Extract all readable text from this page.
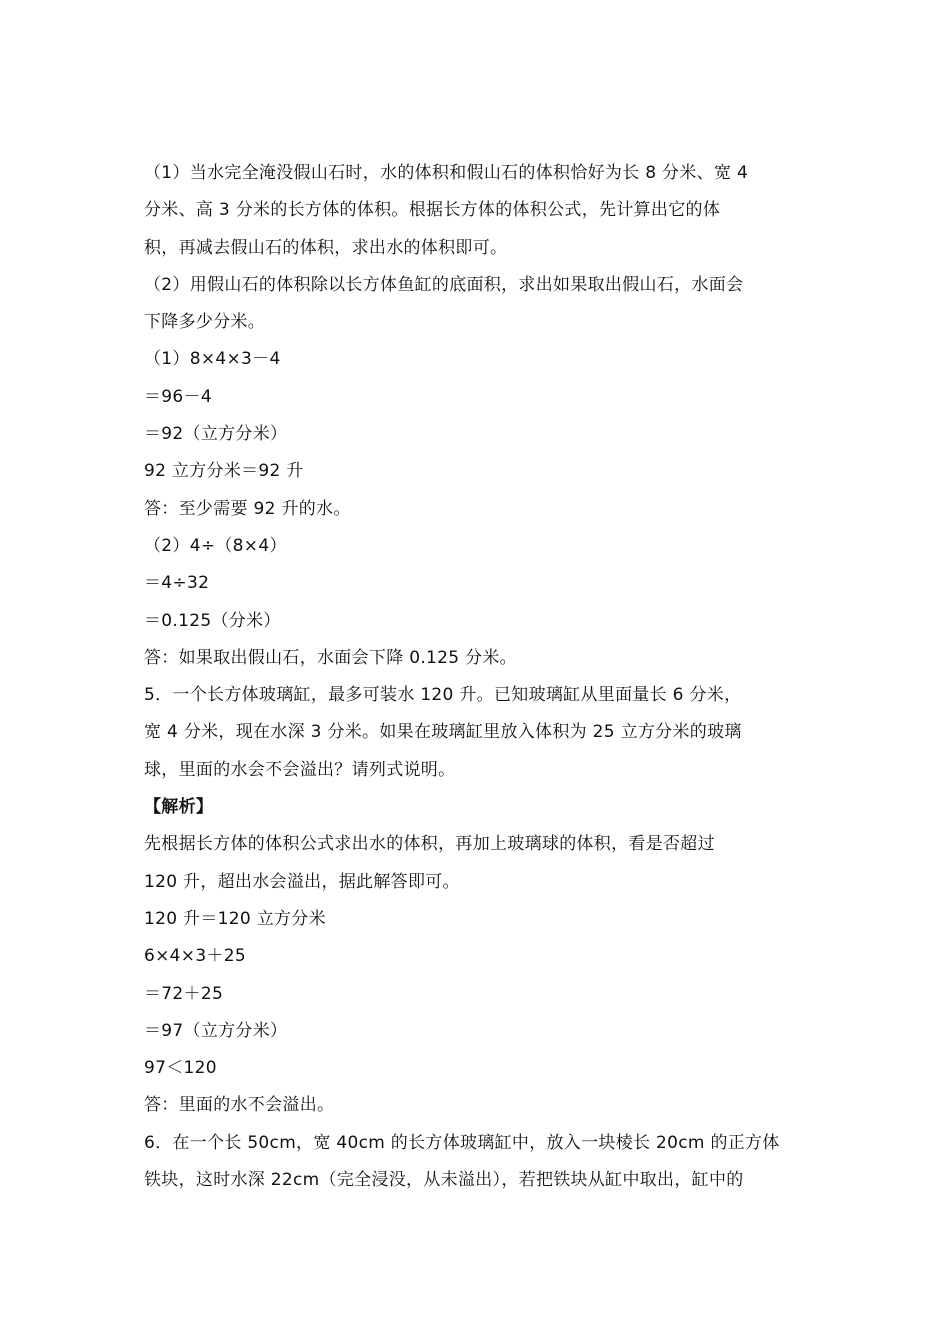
（1）当水完全淹没假山石时，水的体积和假山石的体积恰好为长 8 分米、宽 4
分米、高 3 分米的长方体的体积。根据长方体的体积公式，先计算出它的体
积，再减去假山石的体积，求出水的体积即可。
（2）用假山石的体积除以长方体鱼缸的底面积，求出如果取出假山石，水面会
下降多少分米。
（1）8×4×3－4
＝96－4
＝92（立方分米）
92 立方分米＝92 升
答：至少需要 92 升的水。
（2）4÷（8×4）
＝4÷32
＝0.125（分米）
答：如果取出假山石，水面会下降 0.125 分米。
5．一个长方体玻璃缸，最多可装水 120 升。已知玻璃缸从里面量长 6 分米，
宽 4 分米，现在水深 3 分米。如果在玻璃缸里放入体积为 25 立方分米的玻璃
球，里面的水会不会溢出？请列式说明。
【解析】
先根据长方体的体积公式求出水的体积，再加上玻璃球的体积，看是否超过
120 升，超出水会溢出，据此解答即可。
120 升＝120 立方分米
6×4×3＋25
＝72＋25
＝97（立方分米）
97＜120
答：里面的水不会溢出。
6．在一个长 50cm，宽 40cm 的长方体玻璃缸中，放入一块棱长 20cm 的正方体
铁块，这时水深 22cm（完全浸没，从未溢出），若把铁块从缸中取出，缸中的
